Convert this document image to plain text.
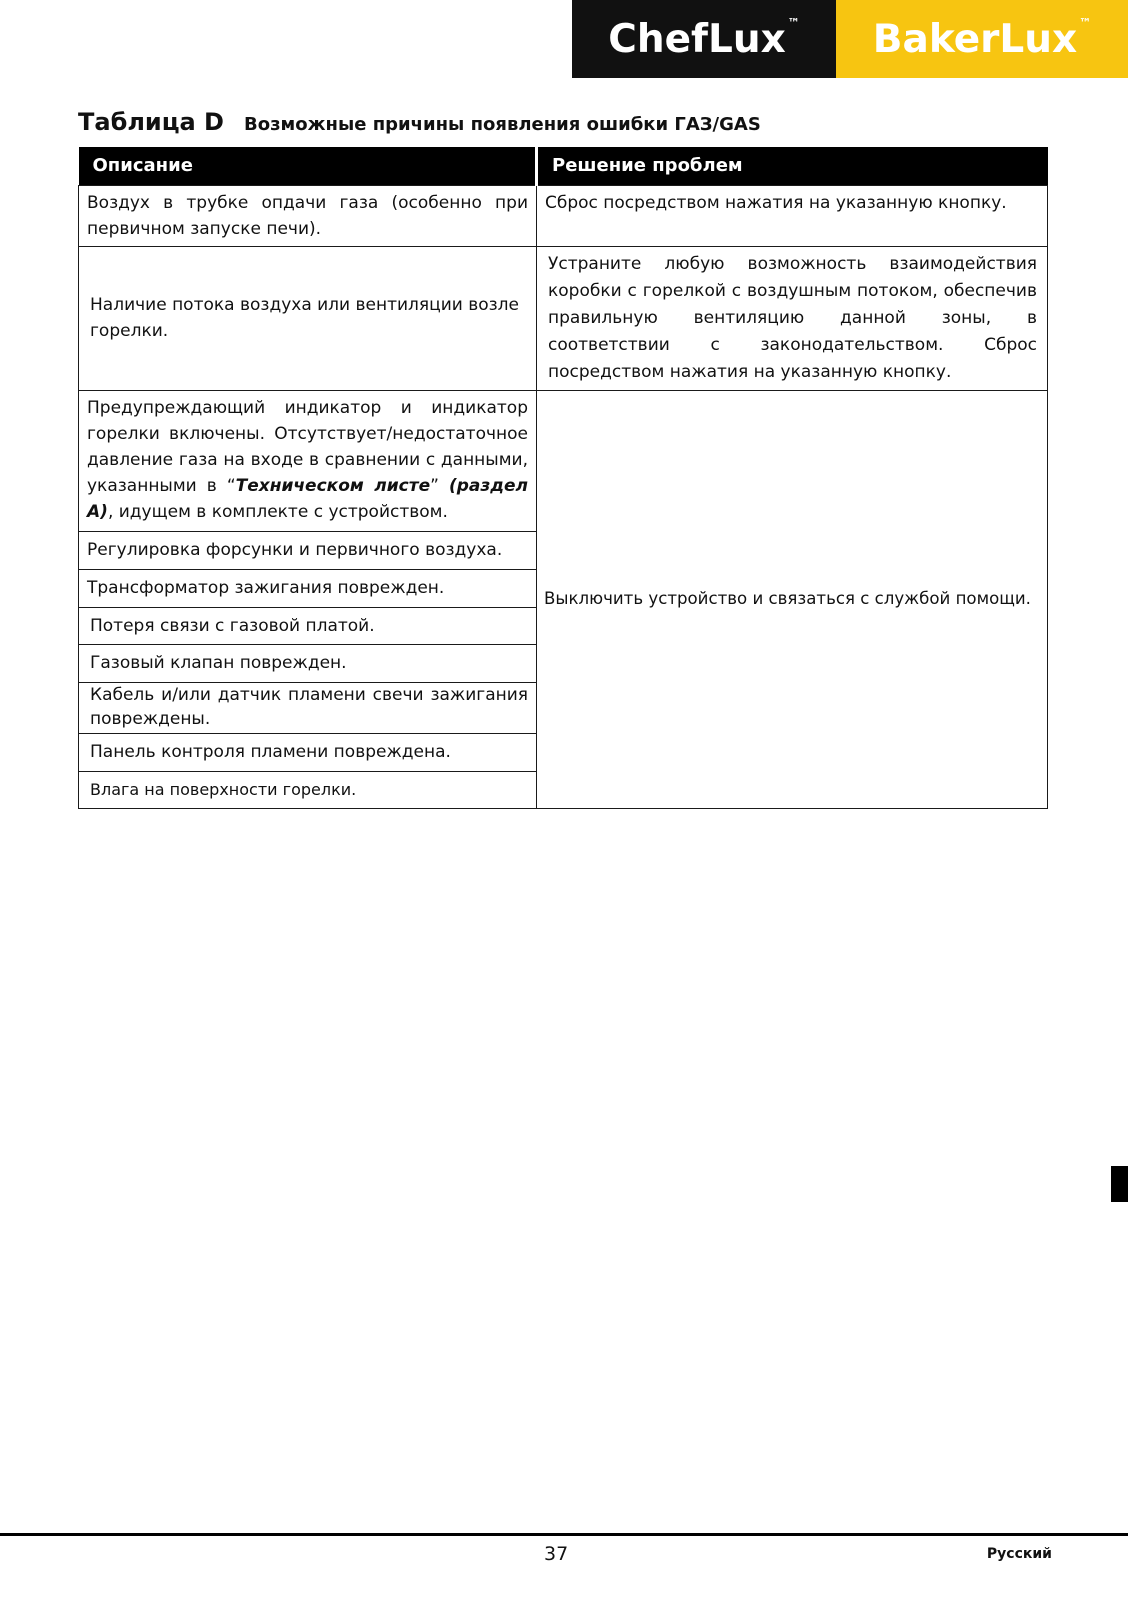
ChefLux ™ BakerLux ™
Таблица D Возможные причины появления ошибки ГАЗ/GAS
Описание	Решение проблем
Воздух в трубке опдачи газа (особенно при первичном запуске печи).	Сброс посредством нажатия на указанную кнопку.
Наличие потока воздуха или вентиляции возле горелки.	Устраните любую возможность взаимодействия коробки с горелкой с воздушным потоком, обеспечив правильную вентиляцию данной зоны, в соответствии с законодательством. Сброс посредством нажатия на указанную кнопку.
Предупреждающий индикатор и индикатор горелки включены. Отсутствует/недостаточное давление газа на входе в сравнении с данными, указанными в “Техническом листе” (раздел A), идущем в комплекте с устройством.	Выключить устройство и связаться с службой помощи.
Регулировка форсунки и первичного воздуха.	
Трансформатор зажигания поврежден.	
Потеря связи с газовой платой.	
Газовый клапан поврежден.	
Кабель и/или датчик пламени свечи зажигания повреждены.	
Панель контроля пламени повреждена.	
Влага на поверхности горелки.	
37	Русский
